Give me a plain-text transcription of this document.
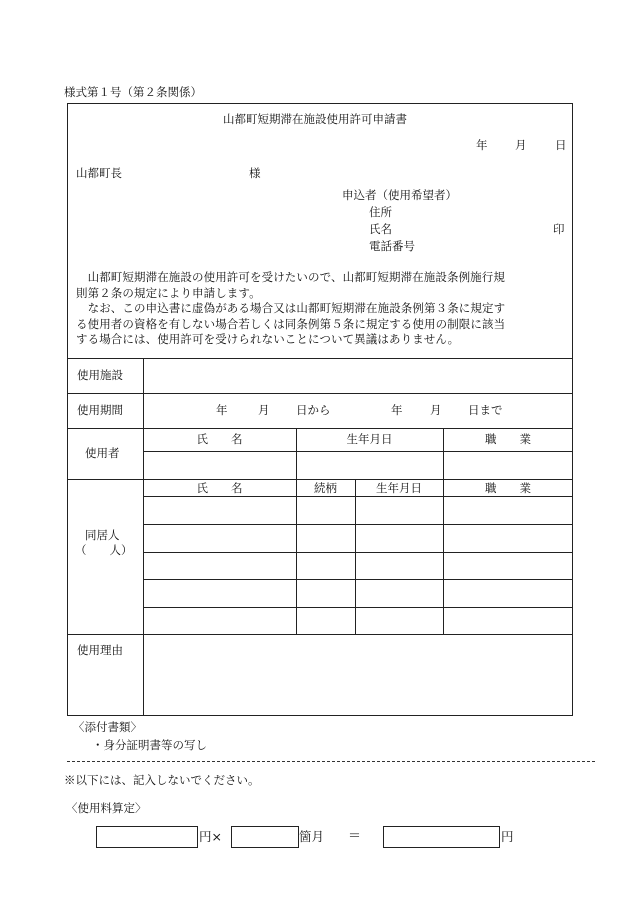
様式第１号（第２条関係）
山都町短期滞在施設使用許可申請書
年 月 日
山都町長	様
申込者（使用希望者）
住所
氏名	印
電話番号
　山都町短期滞在施設の使用許可を受けたいので、山都町短期滞在施設条例施行規
則第２条の規定により申請します。
　なお、この申込書に虚偽がある場合又は山都町短期滞在施設条例第３条に規定す
る使用者の資格を有しない場合若しくは同条例第５条に規定する使用の制限に該当
する場合には、使用許可を受けられないことについて異議はありません。
使用施設
使用期間	年	月 日から	年 月 日まで
使用者
氏　　名	生年月日	職　　業
同居人
（　　人）
氏　　名	続柄	生年月日	職　　業
使用理由
〈添付書類〉
・身分証明書等の写し
※以下には、記入しないでください。
〈使用料算定〉
円×	箇月 ＝	円
